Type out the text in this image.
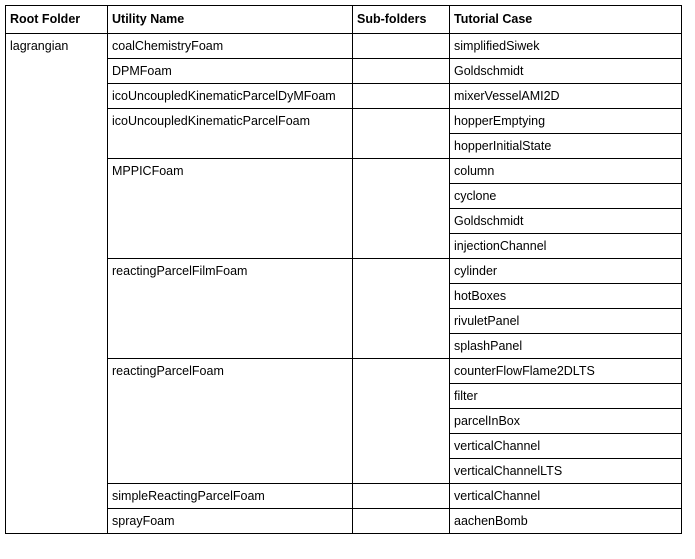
Root Folder	Utility Name	Sub-folders	Tutorial Case
lagrangian	coalChemistryFoam		simplifiedSiwek
	DPMFoam		Goldschmidt
	icoUncoupledKinematicParcelDyMFoam		mixerVesselAMI2D
	icoUncoupledKinematicParcelFoam		hopperEmptying
			hopperInitialState
	MPPICFoam		column
			cyclone
			Goldschmidt
			injectionChannel
	reactingParcelFilmFoam		cylinder
			hotBoxes
			rivuletPanel
			splashPanel
	reactingParcelFoam		counterFlowFlame2DLTS
			filter
			parcelInBox
			verticalChannel
			verticalChannelLTS
	simpleReactingParcelFoam		verticalChannel
	sprayFoam		aachenBomb
